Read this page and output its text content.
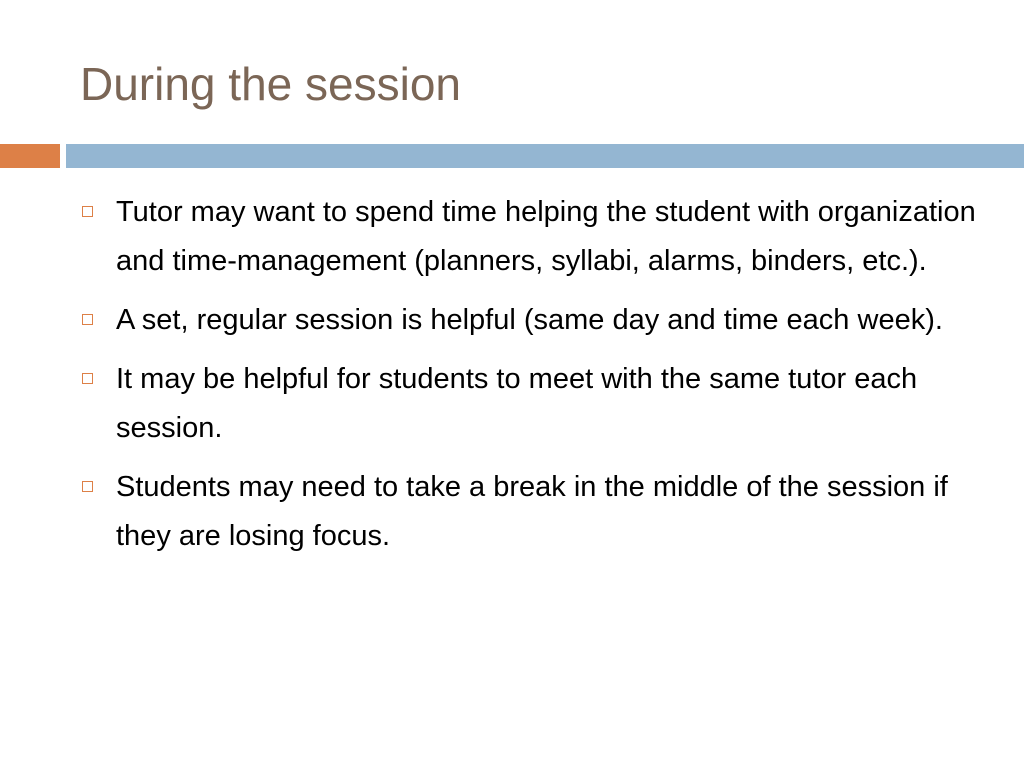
During the session
Tutor may want to spend time helping the student with organization and time-management (planners, syllabi, alarms, binders, etc.).
A set, regular session is helpful (same day and time each week).
It may be helpful for students to meet with the same tutor each session.
Students may need to take a break in the middle of the session if they are losing focus.
